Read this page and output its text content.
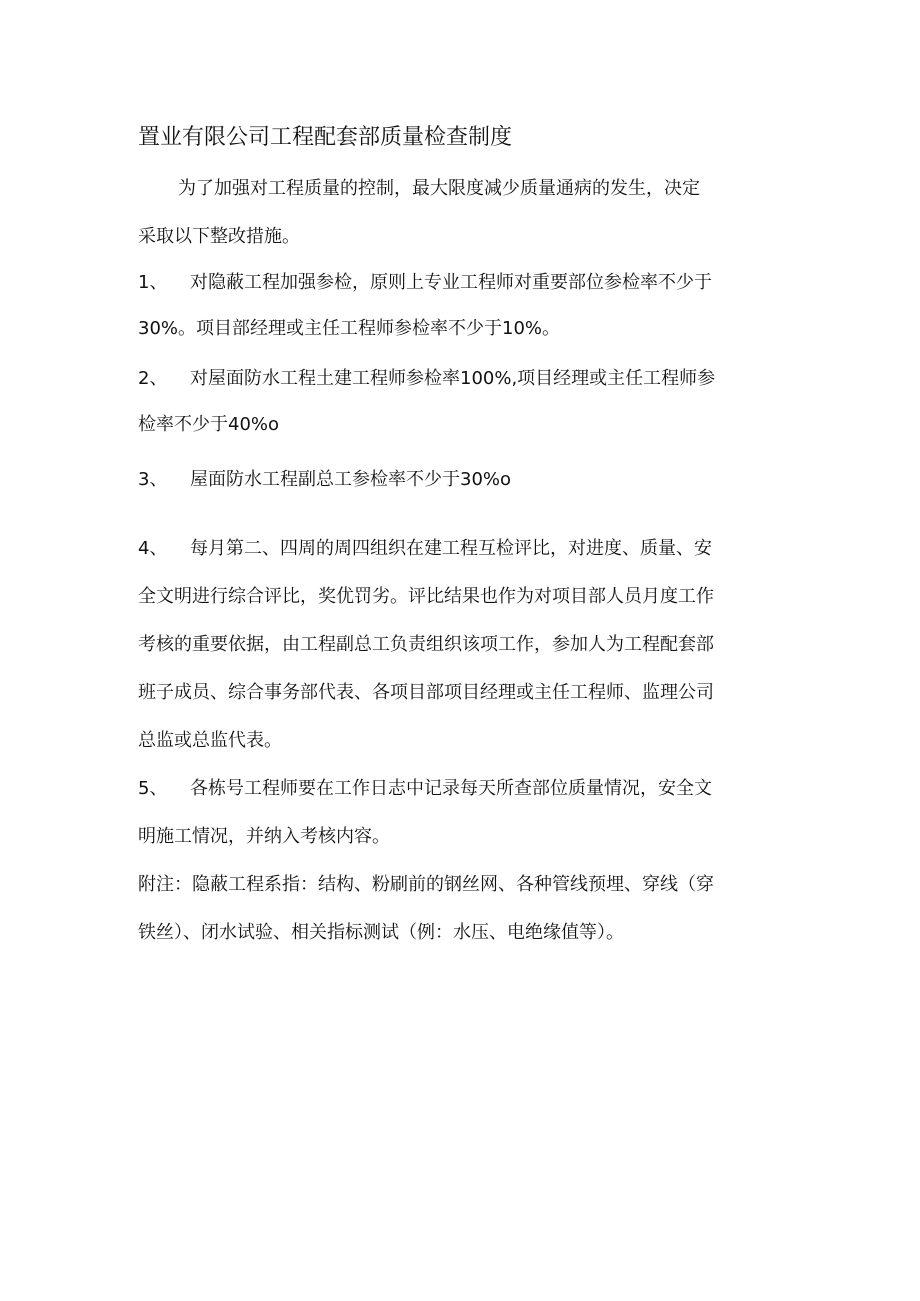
置业有限公司工程配套部质量检查制度
为了加强对工程质量的控制，最大限度减少质量通病的发生，决定
采取以下整改措施。
1、 对隐蔽工程加强参检，原则上专业工程师对重要部位参检率不少于
30%。项目部经理或主任工程师参检率不少于10%。
2、 对屋面防水工程土建工程师参检率100%,项目经理或主任工程师参
检率不少于40%o
3、 屋面防水工程副总工参检率不少于30%o
4、 每月第二、四周的周四组织在建工程互检评比，对进度、质量、安
全文明进行综合评比，奖优罚劣。评比结果也作为对项目部人员月度工作
考核的重要依据，由工程副总工负责组织该项工作，参加人为工程配套部
班子成员、综合事务部代表、各项目部项目经理或主任工程师、监理公司
总监或总监代表。
5、 各栋号工程师要在工作日志中记录每天所查部位质量情况，安全文
明施工情况，并纳入考核内容。
附注：隐蔽工程系指：结构、粉刷前的钢丝网、各种管线预埋、穿线（穿
铁丝）、闭水试验、相关指标测试（例：水压、电绝缘值等）。
